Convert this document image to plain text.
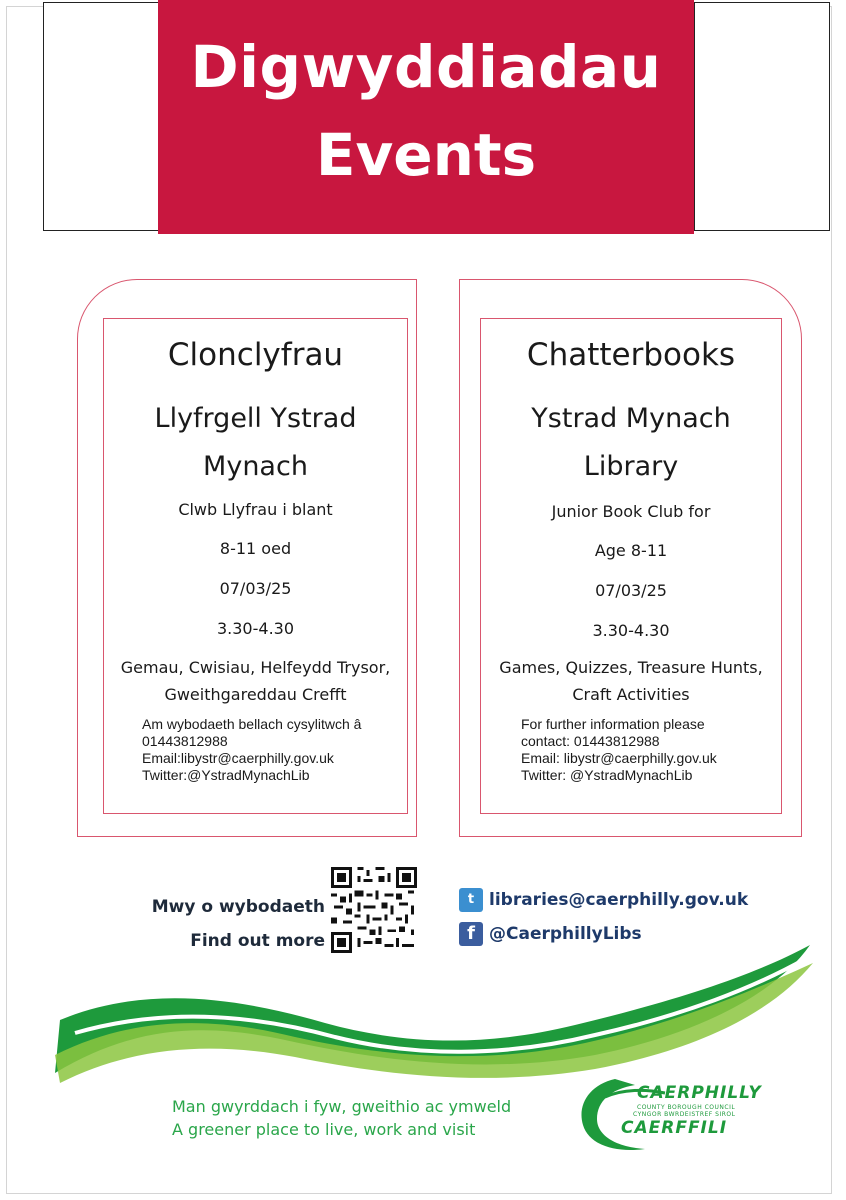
Digwyddiadau
Events
Clonclyfrau
Llyfrgell Ystrad
Mynach
Clwb Llyfrau i blant
8-11 oed
07/03/25
3.30-4.30
Gemau, Cwisiau, Helfeydd Trysor,
Gweithgareddau Crefft
Am wybodaeth bellach cysylitwch â
01443812988
Email:libystr@caerphilly.gov.uk
Twitter:@YstradMynachLib
Chatterbooks
Ystrad Mynach
Library
Junior Book Club for
Age 8-11
07/03/25
3.30-4.30
Games, Quizzes, Treasure Hunts,
Craft Activities
For further information please
contact: 01443812988
Email: libystr@caerphilly.gov.uk
Twitter: @YstradMynachLib
Mwy o wybodaeth
Find out more
t libraries@caerphilly.gov.uk
f @CaerphillyLibs
Man gwyrddach i fyw, gweithio ac ymweld
A greener place to live, work and visit
CAERPHILLY
COUNTY BOROUGH COUNCIL
CYNGOR BWRDEISTREF SIROL
CAERFFILI
